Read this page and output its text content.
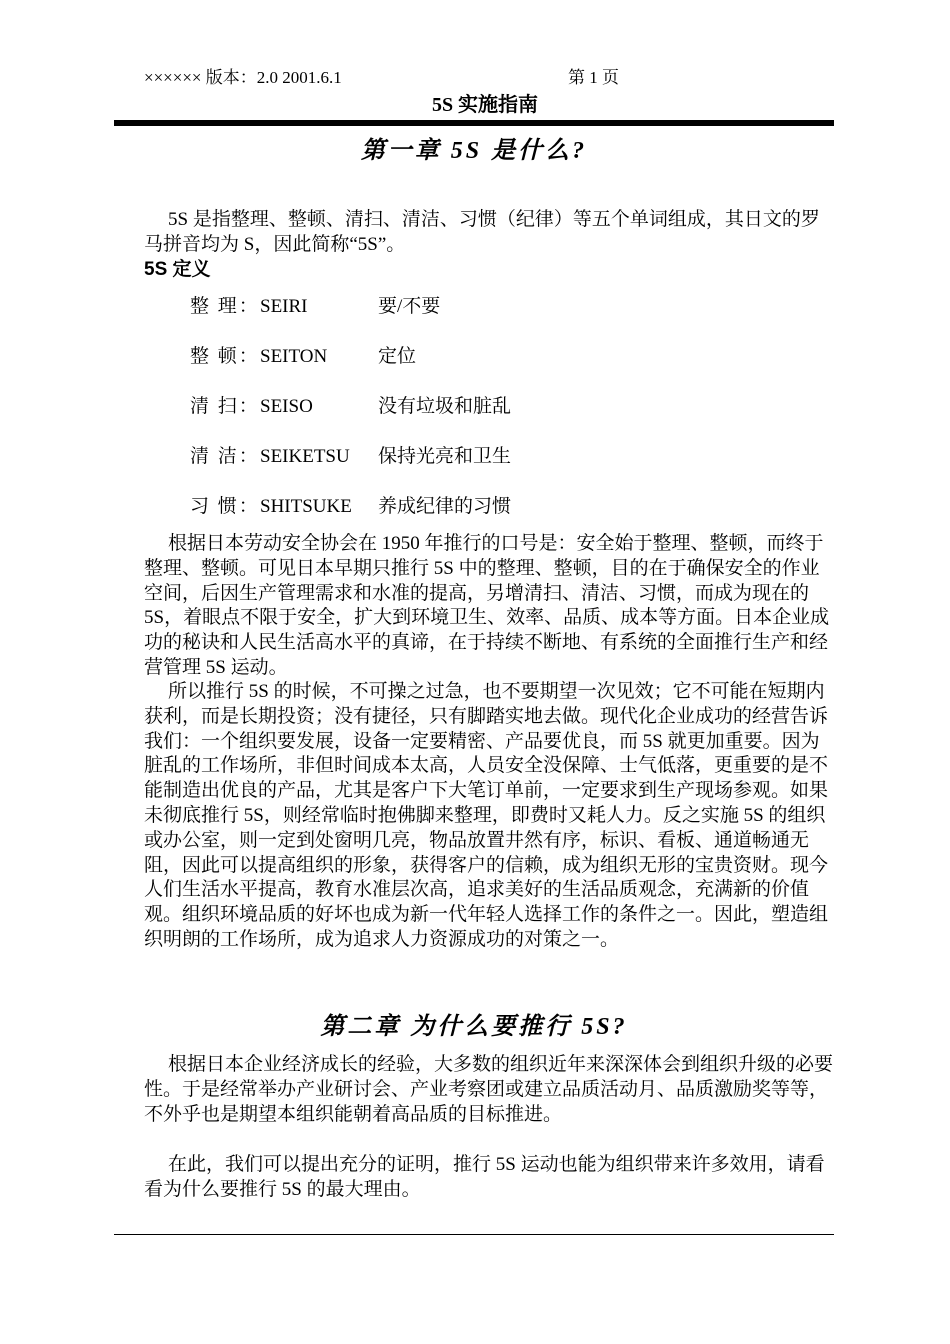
×××××× 版本：2.0 2001.6.1	第 1 页
5S 实施指南
第一章 5S 是什么?

5S 是指整理、整顿、清扫、清洁、习惯（纪律）等五个单词组成，其日文的罗马拼音均为 S，因此简称“5S”。

5S 定义
整 理：SEIRI	要/不要
整 顿：SEITON	定位
清 扫：SEISO	没有垃圾和脏乱
清 洁：SEIKETSU 保持光亮和卫生
习 惯：SHITSUKE 养成纪律的习惯

根据日本劳动安全协会在 1950 年推行的口号是：安全始于整理、整顿，而终于整理、整顿。可见日本早期只推行 5S 中的整理、整顿，目的在于确保安全的作业空间，后因生产管理需求和水准的提高，另增清扫、清洁、习惯，而成为现在的 5S，着眼点不限于安全，扩大到环境卫生、效率、品质、成本等方面。日本企业成功的秘诀和人民生活高水平的真谛，在于持续不断地、有系统的全面推行生产和经营管理 5S 运动。

所以推行 5S 的时候，不可操之过急，也不要期望一次见效；它不可能在短期内获利，而是长期投资；没有捷径，只有脚踏实地去做。现代化企业成功的经营告诉我们：一个组织要发展，设备一定要精密、产品要优良，而 5S 就更加重要。因为脏乱的工作场所，非但时间成本太高，人员安全没保障、士气低落，更重要的是不能制造出优良的产品，尤其是客户下大笔订单前，一定要求到生产现场参观。如果未彻底推行 5S，则经常临时抱佛脚来整理，即费时又耗人力。反之实施 5S 的组织或办公室，则一定到处窗明几亮，物品放置井然有序，标识、看板、通道畅通无阻，因此可以提高组织的形象，获得客户的信赖，成为组织无形的宝贵资财。现今人们生活水平提高，教育水准层次高，追求美好的生活品质观念，充满新的价值观。组织环境品质的好坏也成为新一代年轻人选择工作的条件之一。因此，塑造组织明朗的工作场所，成为追求人力资源成功的对策之一。

第二章 为什么要推行 5S?

根据日本企业经济成长的经验，大多数的组织近年来深深体会到组织升级的必要性。于是经常举办产业研讨会、产业考察团或建立品质活动月、品质激励奖等等，不外乎也是期望本组织能朝着高品质的目标推进。

在此，我们可以提出充分的证明，推行 5S 运动也能为组织带来许多效用，请看看为什么要推行 5S 的最大理由。
